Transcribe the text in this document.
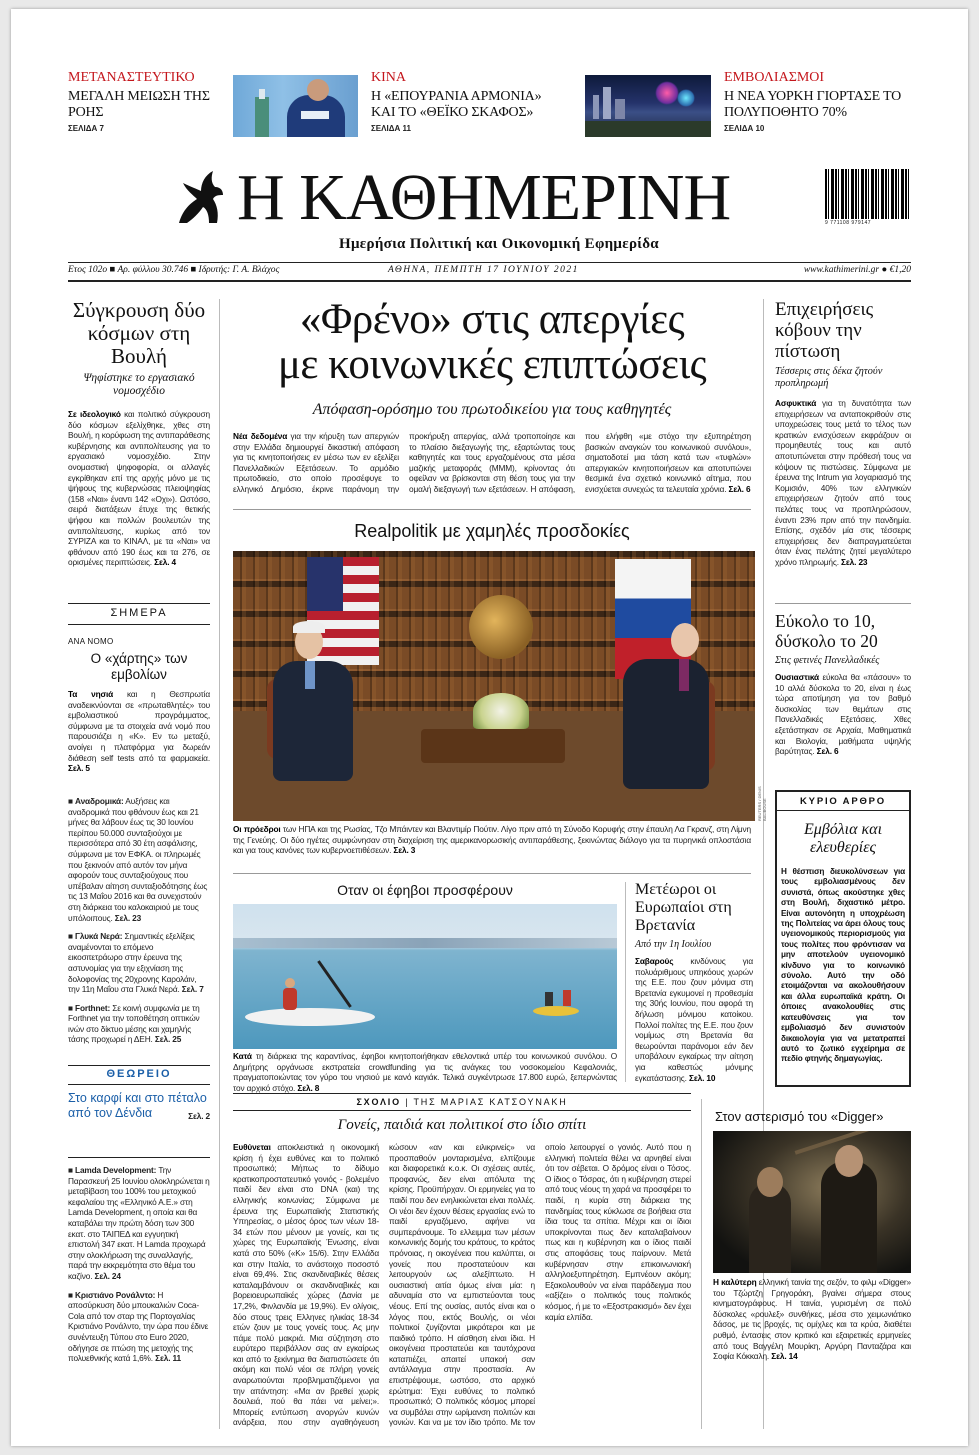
ΜΕΤΑΝΑΣΤΕΥΤΙΚΟ
ΜΕΓΑΛΗ ΜΕΙΩΣΗ ΤΗΣ ΡΟΗΣ
ΣΕΛΙΔΑ 7
ΚΙΝΑ
Η «ΕΠΟΥΡΑΝΙΑ ΑΡΜΟΝΙΑ» ΚΑΙ ΤΟ «ΘΕΪΚΟ ΣΚΑΦΟΣ»
ΣΕΛΙΔΑ 11
ΕΜΒΟΛΙΑΣΜΟΙ
Η ΝΕΑ ΥΟΡΚΗ ΓΙΟΡΤΑΣΕ ΤΟ ΠΟΛΥΠΟΘΗΤΟ 70%
ΣΕΛΙΔΑ 10
Η ΚΑΘΗΜΕΡΙΝΗ
Ημερήσια Πολιτική και Οικονομική Εφημερίδα
9 771108 979147
Ετος 102ο ■ Αρ. φύλλου 30.746 ■ Ιδρυτής: Γ. Α. Βλάχος	ΑΘΗΝΑ, ΠΕΜΠΤΗ 17 ΙΟΥΝΙΟΥ 2021	www.kathimerini.gr ● €1,20
Σύγκρουση δύο κόσμων στη Βουλή
Ψηφίστηκε το εργασιακό νομοσχέδιο
Σε ιδεολογικό και πολιτικό σύγκρουση δύο κόσμων εξελίχθηκε, χθες στη Βουλή, η κορύφωση της αντιπαράθεσης κυβέρνησης και αντιπολίτευσης για το εργασιακό νομοσχέδιο. Στην ονομαστική ψηφοφορία, οι αλλαγές εγκρίθηκαν επί της αρχής μόνο με τις ψήφους της κυβερνώσας πλειοψηφίας (158 «Ναι» έναντι 142 «Οχι»). Ωστόσο, σειρά διατάξεων έτυχε της θετικής ψήφου και πολλών βουλευτών της αντιπολίτευσης, κυρίως από τον ΣΥΡΙΖΑ και το ΚΙΝΑΛ, με τα «Ναι» να φθάνουν από 190 έως και τα 276, σε ορισμένες περιπτώσεις. Σελ. 4
ΣΗΜΕΡΑ
ΑΝΑ ΝΟΜΟ
Ο «χάρτης» των εμβολίων
Τα νησιά και η Θεσπρωτία αναδεικνύονται σε «πρωταθλητές» του εμβολιαστικού προγράμματος, σύμφωνα με τα στοιχεία ανά νομό που παρουσιάζει η «Κ». Εν τω μεταξύ, ανοίγει η πλατφόρμα για δωρεάν διάθεση self tests από τα φαρμακεία. Σελ. 5
■ Αναδρομικά: Αυξήσεις και αναδρομικά που φθάνουν έως και 21 μήνες θα λάβουν έως τις 30 Ιουνίου περίπου 50.000 συνταξιούχοι με περισσότερα από 30 έτη ασφάλισης, σύμφωνα με τον ΕΦΚΑ. οι πληρωμές που ξεκινούν από αυτόν τον μήνα αφορούν τους συνταξιούχους που υπέβαλαν αίτηση συνταξιοδότησης έως τις 13 Μαΐου 2016 και θα συνεχιστούν στη διάρκεια του καλοκαιριού με τους υπόλοιπους. Σελ. 23
■ Γλυκά Νερά: Σημαντικές εξελίξεις αναμένονται το επόμενο εικοσιτετράωρο στην έρευνα της αστυνομίας για την εξιχνίαση της δολοφονίας της 20χρονης Καρολάιν, την 11η Μαΐου στα Γλυκά Νερά. Σελ. 7
■ Forthnet: Σε κοινή συμφωνία με τη Forthnet για την τοποθέτηση οπτικών ινών στο δίκτυο μέσης και χαμηλής τάσης προχωρεί η ΔΕΗ. Σελ. 25
ΘΕΩΡΕΙΟ
Στο καρφί και στο πέταλο από τον Δένδια	Σελ. 2
■ Lamda Development: Την Παρασκευή 25 Ιουνίου ολοκληρώνεται η μεταβίβαση του 100% του μετοχικού κεφαλαίου της «Ελληνικό Α.Ε.» στη Lamda Development, η οποία και θα καταβάλει την πρώτη δόση των 300 εκατ. στο ΤΑΙΠΕΔ και εγγυητική επιστολή 347 εκατ. Η Lamda προχωρά στην ολοκλήρωση της συναλλαγής, παρά την εκκρεμότητα στο θέμα του καζίνο. Σελ. 24
■ Κριστιάνο Ρονάλντο: Η αποσύρκυση δύο μπουκαλιών Coca-Cola από τον σταρ της Πορτογαλίας Κριστιάνο Ρονάλντο, την ώρα που έδινε συνέντευξη Τύπου στο Euro 2020, οδήγησε σε πτώση της μετοχής της πολυεθνικής κατά 1,6%. Σελ. 11
«Φρένο» στις απεργίες
με κοινωνικές επιπτώσεις
Απόφαση-ορόσημο του πρωτοδικείου για τους καθηγητές
Νέα δεδομένα για την κήρυξη των απεργιών στην Ελλάδα δημιουργεί δικαστική απόφαση για τις κινητοποιήσεις εν μέσω των εν εξελίξει Πανελλαδικών Εξετάσεων. Το αρμόδιο πρωτοδικείο, στο οποίο προσέφυγε το ελληνικό Δημόσιο, έκρινε παράνομη την προκήρυξη απεργίας, αλλά τροποποίησε και το πλαίσιο διεξαγωγής της, εξαρτώντας τους καθηγητές και τους εργαζομένους στα μέσα μαζικής μεταφοράς (ΜΜΜ), κρίνοντας ότι οφείλαν να βρίσκονται στη θέση τους για την ομαλή διεξαγωγή των εξετάσεων. Η απόφαση, που ελήφθη «με στόχο την εξυπηρέτηση βασικών αναγκών του κοινωνικού συνόλου», σηματοδοτεί μια τάση κατά των «τυφλών» απεργιακών κινητοποιήσεων και αποτυπώνει θεσμικά ένα σχετικό κοινωνικό αίτημα, που ενισχύεται συνεχώς τα τελευταία χρόνια. Σελ. 6
Realpolitik με χαμηλές προσδοκίες
REUTERS / DENIS BALIBOUSE
Οι πρόεδροι των ΗΠΑ και της Ρωσίας, Τζο Μπάιντεν και Βλαντιμίρ Πούτιν. Λίγο πριν από τη Σύνοδο Κορυφής στην έπαυλη Λα Γκρανζ, στη Λίμνη της Γενεύης. Οι δύο ηγέτες συμφώνησαν στη διαχείριση της αμερικανορωσικής αντιπαράθεσης, ξεκινώντας διάλογο για τα πυρηνικά οπλοστάσια και για τους κανόνες των κυβερνοεπιθέσεων. Σελ. 3
Οταν οι έφηβοι προσφέρουν
Κατά τη διάρκεια της καραντίνας, έφηβοι κινητοποιήθηκαν εθελοντικά υπέρ του κοινωνικού συνόλου. Ο Δημήτρης οργάνωσε εκστρατεία crowdfunding για τις ανάγκες του νοσοκομείου Κεφαλονιάς, πραγματοποιώντας τον γύρο του νησιού με κανό καγιάκ. Τελικά συγκέντρωσε 17.800 ευρώ, ξεπερνώντας τον αρχικό στόχο. Σελ. 8
Μετέωροι οι Ευρωπαίοι στη Βρετανία
Από την 1η Ιουλίου
Σαβαρούς κινδύνους για πολυάριθμους υπηκόους χωρών της Ε.Ε. που ζουν μόνιμα στη Βρετανία εγκυμονεί η προθεσμία της 30ής Ιουνίου, που αφορά τη δήλωση μόνιμου κατοίκου. Πολλοί πολίτες της Ε.Ε. που ζουν νομίμως στη Βρετανία θα θεωρούνται παράνομοι εάν δεν υποβάλουν εγκαίρως την αίτηση για καθεστώς μόνιμης εγκατάστασης. Σελ. 10
ΣΧΟΛΙΟ | ΤΗΣ ΜΑΡΙΑΣ ΚΑΤΣΟΥΝΑΚΗ
Γονείς, παιδιά και πολιτικοί στο ίδιο σπίτι
Ευθύνεται αποκλειστικά η οικονομική κρίση ή έχει ευθύνες και το πολιτικό προσωπικό; Μήπως το δίδυμο κρατικοπροστατευτικό γονιός - βολεμένο παιδί δεν είναι στο DNA (και) της ελληνικής κοινωνίας; Σύμφωνα με έρευνα της Ευρωπαϊκής Στατιστικής Υπηρεσίας, ο μέσος όρος των νέων 18-34 ετών που μένουν με γονείς, και τις χώρες της Ευρωπαϊκής Ένωσης, είναι κατά στο 50% («Κ» 15/6). Στην Ελλάδα και στην Ιταλία, το ανάστοιχο ποσοστό είναι 69,4%. Στις σκανδιναβικές θέσεις καταλαμβάνουν οι σκανδιναβικές και βορειοευρωπαϊκές χώρες (Δανία με 17,2%, Φινλανδία με 19,9%). Εν ολίγοις, δύο στους τρεις Ελληνες ηλικίας 18-34 ετών ζουν με τους γονείς τους. Ας μην πάμε πολύ μακριά. Μια σύζητηση στο ευρύτερο περιβάλλον σας αν εγκαίρως και από το ξεκίνημα θα διαπιστώσετε ότι ακόμη και πολύ νέοι σε πλήρη γονείς αναρωτιούνται προβληματιζόμενοι για την απάντηση: «Μα αν βρεθεί χωρίς δουλειά, πού θα πάει να μείνει;». Μπορείς εντύπωση ανοργών κυνών ανάρξεια, που στην αγαθηόγευση κώσουν «αν και ειλικρινείς» να προσπαθούν μονταρισμένα, ελπίζουμε και διαφορετικά κ.ο.κ. Οι σχέσεις αυτές, προφανώς, δεν είναι απόλυτα της κρίσης. Προϋπήρχαν. Οι ερμηνείες για το παιδί που δεν ενηλικιώνεται είναι πολλές. Οι νέοι δεν έχουν θέσεις εργασίας ενώ το παιδί εργαζόμενο, αφήνει να συμπεράνουμε. Το ελλειμμα των μέσων κοινωνικής δομής του κράτους, το κράτος πρόνοιας, η οικογένεια που καλύπτει, οι γονείς που προστατεύουν και λειτουργούν ως αλεξίπτωτο. Η ουσιαστική αιτία όμως είναι μία: η αδυναμία στο να εμπιστεύονται τους νέους. Επί της ουσίας, αυτός είναι και ο λόγος που, εκτός Βουλής, οι νέοι πολιτικοί ζυγίζονται μικρότεροι και με παιδικό τρόπο. Η αίσθηση είναι ίδια. Η οικογένεια προστατεύει και ταυτόχρονα καταπιέζει, απαιτεί υπακοή σαν αντάλλαγμα στην προστασία. Αν επιστρέψουμε, ωστόσο, στο αρχικό ερώτημα: Έχει ευθύνες το πολιτικό προσωπικό; Ο πολιτικός κόσμος μπορεί να συμβάλει στην ωρίμανση πολιτών και γονιών. Και να με τον ίδιο τρόπο. Με τον οποίο λειτουργεί ο γονιός. Αυτό που η ελληνική πολιτεία θέλει να αρνηθεί είναι ότι τον σέβεται. Ο δρόμος είναι ο Τόσος. Ο ίδιος ο Τόσρας, ότι η κυβέρνηση στερεί από τους νέους τη χαρά να προσφέρει το παιδί, η κυρία στη διάρκεια της πανδημίας τους κύκλωσε σε βοήθεια στα ίδια τους τα σπίτια. Μέχρι και οι ίδιοι υποκρίνονται πως δεν καταλαβαίνουν πως και η κυβέρνηση και ο ίδιος παιδί στις αποφάσεις τους παίρνουν. Μετά κυβέρνησαν στην επικοινωνιακή αλληλοεξυπηρέτηση. Εμπνέουν ακόμη; Εξακολουθούν να είναι παράδειγμα που «αξίζει» ο πολιτικός τους πολιτικός κόσμος, ή με το «Εξοστρακισμό» δεν έχει καμία ελπίδα.
Επιχειρήσεις κόβουν την πίστωση
Τέσσερις στις δέκα ζητούν προπληρωμή
Ασφυκτικά για τη δυνατότητα των επιχειρήσεων να ανταποκριθούν στις υποχρεώσεις τους μετά το τέλος των κρατικών ενισχύσεων εκφράζουν οι προμηθευτές τους και αυτό αποτυπώνεται στην πρόθεσή τους να κόψουν τις πιστώσεις. Σύμφωνα με έρευνα της Intrum για λογαριασμό της Κομισιόν, 40% των ελληνικών επιχειρήσεων ζητούν από τους πελάτες τους να προπληρώσουν, έναντι 23% πριν από την πανδημία. Επίσης, σχεδόν μία στις τέσσερις επιχειρήσεις δεν διαπραγματεύεται όταν ένας πελάτης ζητεί μεγαλύτερο χρόνο πληρωμής. Σελ. 23
Εύκολο το 10, δύσκολο το 20
Στις φετινές Πανελλαδικές
Ουσιαστικά εύκολα θα «πάσουν» το 10 αλλά δύσκολα το 20, είναι η έως τώρα αποτίμηση για τον βαθμό δυσκολίας των θεμάτων στις Πανελλαδικές Εξετάσεις. Χθες εξετάστηκαν σε Αρχαία, Μαθηματικά και Βιολογία, μαθήματα υψηλής βαρύτητας. Σελ. 6
ΚΥΡΙΟ ΑΡΘΡΟ
Εμβόλια και ελευθερίες
Η θέσπιση διευκολύνσεων για τους εμβολιασμένους δεν συνιστά, όπως ακούστηκε χθες στη Βουλή, διχαστικό μέτρο. Είναι αυτονόητη η υποχρέωση της Πολιτείας να άρει όλους τους υγειονομικούς περιορισμούς για τους πολίτες που φρόντισαν να μην αποτελούν υγειονομικό κίνδυνο για το κοινωνικό σύνολο. Αυτό την οδό ετοιμάζονται να ακολουθήσουν και άλλα ευρωπαϊκά κράτη. Οι όποιες ανακολουθίες στις κατευθύνσεις για τον εμβολιασμό δεν συνιστούν δικαιολογία για να μετατραπεί αυτό το ζωτικό εγχείρημα σε πεδίο φτηνής δημαγωγίας.
Στον αστερισμό του «Digger»
Η καλύτερη ελληνική ταινία της σεζόν, το φιλμ «Digger» του Τζώρτζη Γρηγοράκη, βγαίνει σήμερα στους κινηματογράφους. Η ταινία, γυρισμένη σε πολύ δύσκολες «ρουλεξ» συνθήκες, μέσα στο χειμωνιάτικο δάσος, με τις βροχές, τις ομίχλες και τα κρύα, διαθέτει ρυθμό, έντασεις στον κριτικό και εξαιρετικές ερμηνείες από τους Βαγγέλη Μουρίκη, Αργύρη Πανταζάρα και Σοφία Κόκκαλη. Σελ. 14
